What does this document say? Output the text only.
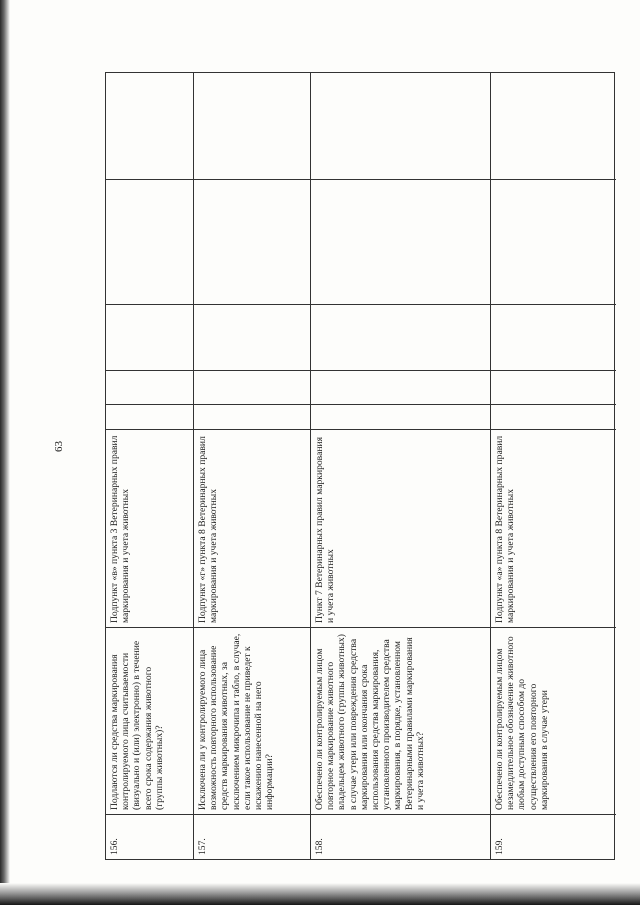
63
156.
Подлаются ли средства маркирования контролируемого лица считываемости (визуально и (или) электронно) в течение всего срока содержания животного (группы животных)?
Подпункт «в» пункта 3 Ветеринарных правил маркирования и учета животных
157.
Исключена ли у контролируемого лица возможность повторного использование средств маркирования животных, за исключением микрочипа и табло, в случае, если такое использование не приведет к искажению нанесенной на него информации?
Подпункт «г» пункта 8 Ветеринарных правил маркирования и учета животных
158.
Обеспечено ли контролируемым лицом повторное маркирование животного владельцем животного (группы животных) в случае утери или повреждения средства маркирования или окончания срока использования средства маркирования, установленного производителем средства маркирования, в порядке, установленном Ветеринарными правилами маркирования и учета животных?
Пункт 7 Ветеринарных правил маркирования и учета животных
159.
Обеспечено ли контролируемым лицом незамедлительное обозначение животного любым доступным способом до осуществления его повторного маркирования в случае утери
Подпункт «а» пункта 8 Ветеринарных правил маркирования и учета животных
